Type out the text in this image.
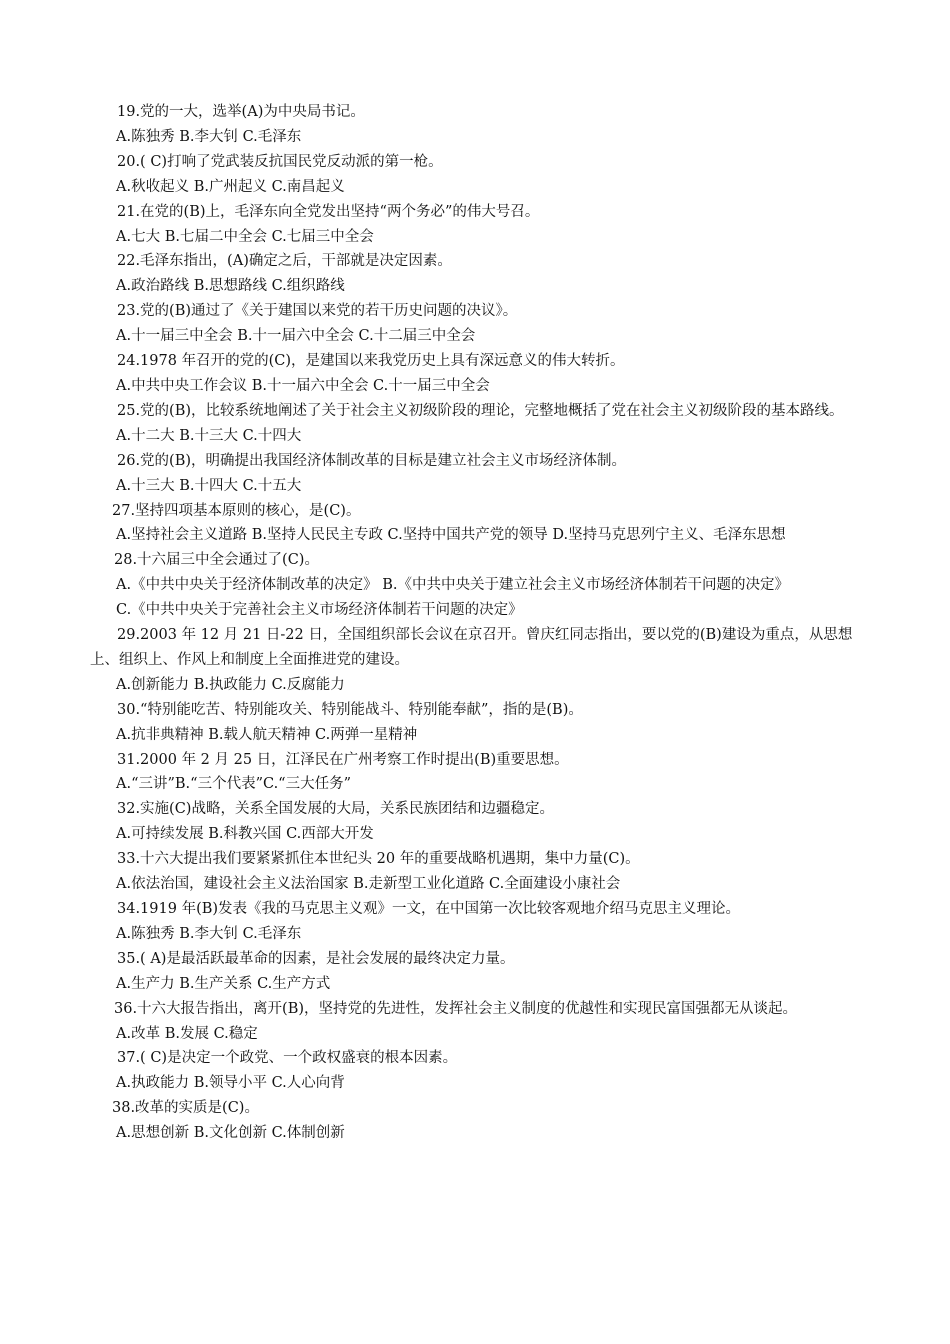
19.党的一大，选举(A)为中央局书记。
A.陈独秀 B.李大钊 C.毛泽东
20.( C)打响了党武装反抗国民党反动派的第一枪。
A.秋收起义 B.广州起义 C.南昌起义
21.在党的(B)上，毛泽东向全党发出坚持“两个务必”的伟大号召。
A.七大 B.七届二中全会 C.七届三中全会
22.毛泽东指出，(A)确定之后，干部就是决定因素。
A.政治路线 B.思想路线 C.组织路线
23.党的(B)通过了《关于建国以来党的若干历史问题的决议》。
A.十一届三中全会 B.十一届六中全会 C.十二届三中全会
24.1978 年召开的党的(C)，是建国以来我党历史上具有深远意义的伟大转折。
A.中共中央工作会议 B.十一届六中全会 C.十一届三中全会
25.党的(B)，比较系统地阐述了关于社会主义初级阶段的理论，完整地概括了党在社会主义初级阶段的基本路线。
A.十二大 B.十三大 C.十四大
26.党的(B)，明确提出我国经济体制改革的目标是建立社会主义市场经济体制。
A.十三大 B.十四大 C.十五大
27.坚持四项基本原则的核心，是(C)。
A.坚持社会主义道路 B.坚持人民民主专政 C.坚持中国共产党的领导 D.坚持马克思列宁主义、毛泽东思想
28.十六届三中全会通过了(C)。
A.《中共中央关于经济体制改革的决定》 B.《中共中央关于建立社会主义市场经济体制若干问题的决定》
C.《中共中央关于完善社会主义市场经济体制若干问题的决定》
29.2003 年 12 月 21 日-22 日，全国组织部长会议在京召开。曾庆红同志指出，要以党的(B)建设为重点，从思想上、组织上、作风上和制度上全面推进党的建设。
A.创新能力 B.执政能力 C.反腐能力
30.“特别能吃苦、特别能攻关、特别能战斗、特别能奉献”，指的是(B)。
A.抗非典精神 B.载人航天精神 C.两弹一星精神
31.2000 年 2 月 25 日，江泽民在广州考察工作时提出(B)重要思想。
A.“三讲”B.“三个代表”C.“三大任务”
32.实施(C)战略，关系全国发展的大局，关系民族团结和边疆稳定。
A.可持续发展 B.科教兴国 C.西部大开发
33.十六大提出我们要紧紧抓住本世纪头 20 年的重要战略机遇期，集中力量(C)。
A.依法治国，建设社会主义法治国家 B.走新型工业化道路 C.全面建设小康社会
34.1919 年(B)发表《我的马克思主义观》一文，在中国第一次比较客观地介绍马克思主义理论。
A.陈独秀 B.李大钊 C.毛泽东
35.( A)是最活跃最革命的因素，是社会发展的最终决定力量。
A.生产力 B.生产关系 C.生产方式
36.十六大报告指出，离开(B)，坚持党的先进性，发挥社会主义制度的优越性和实现民富国强都无从谈起。
A.改革 B.发展 C.稳定
37.( C)是决定一个政党、一个政权盛衰的根本因素。
A.执政能力 B.领导小平 C.人心向背
38.改革的实质是(C)。
A.思想创新 B.文化创新 C.体制创新
